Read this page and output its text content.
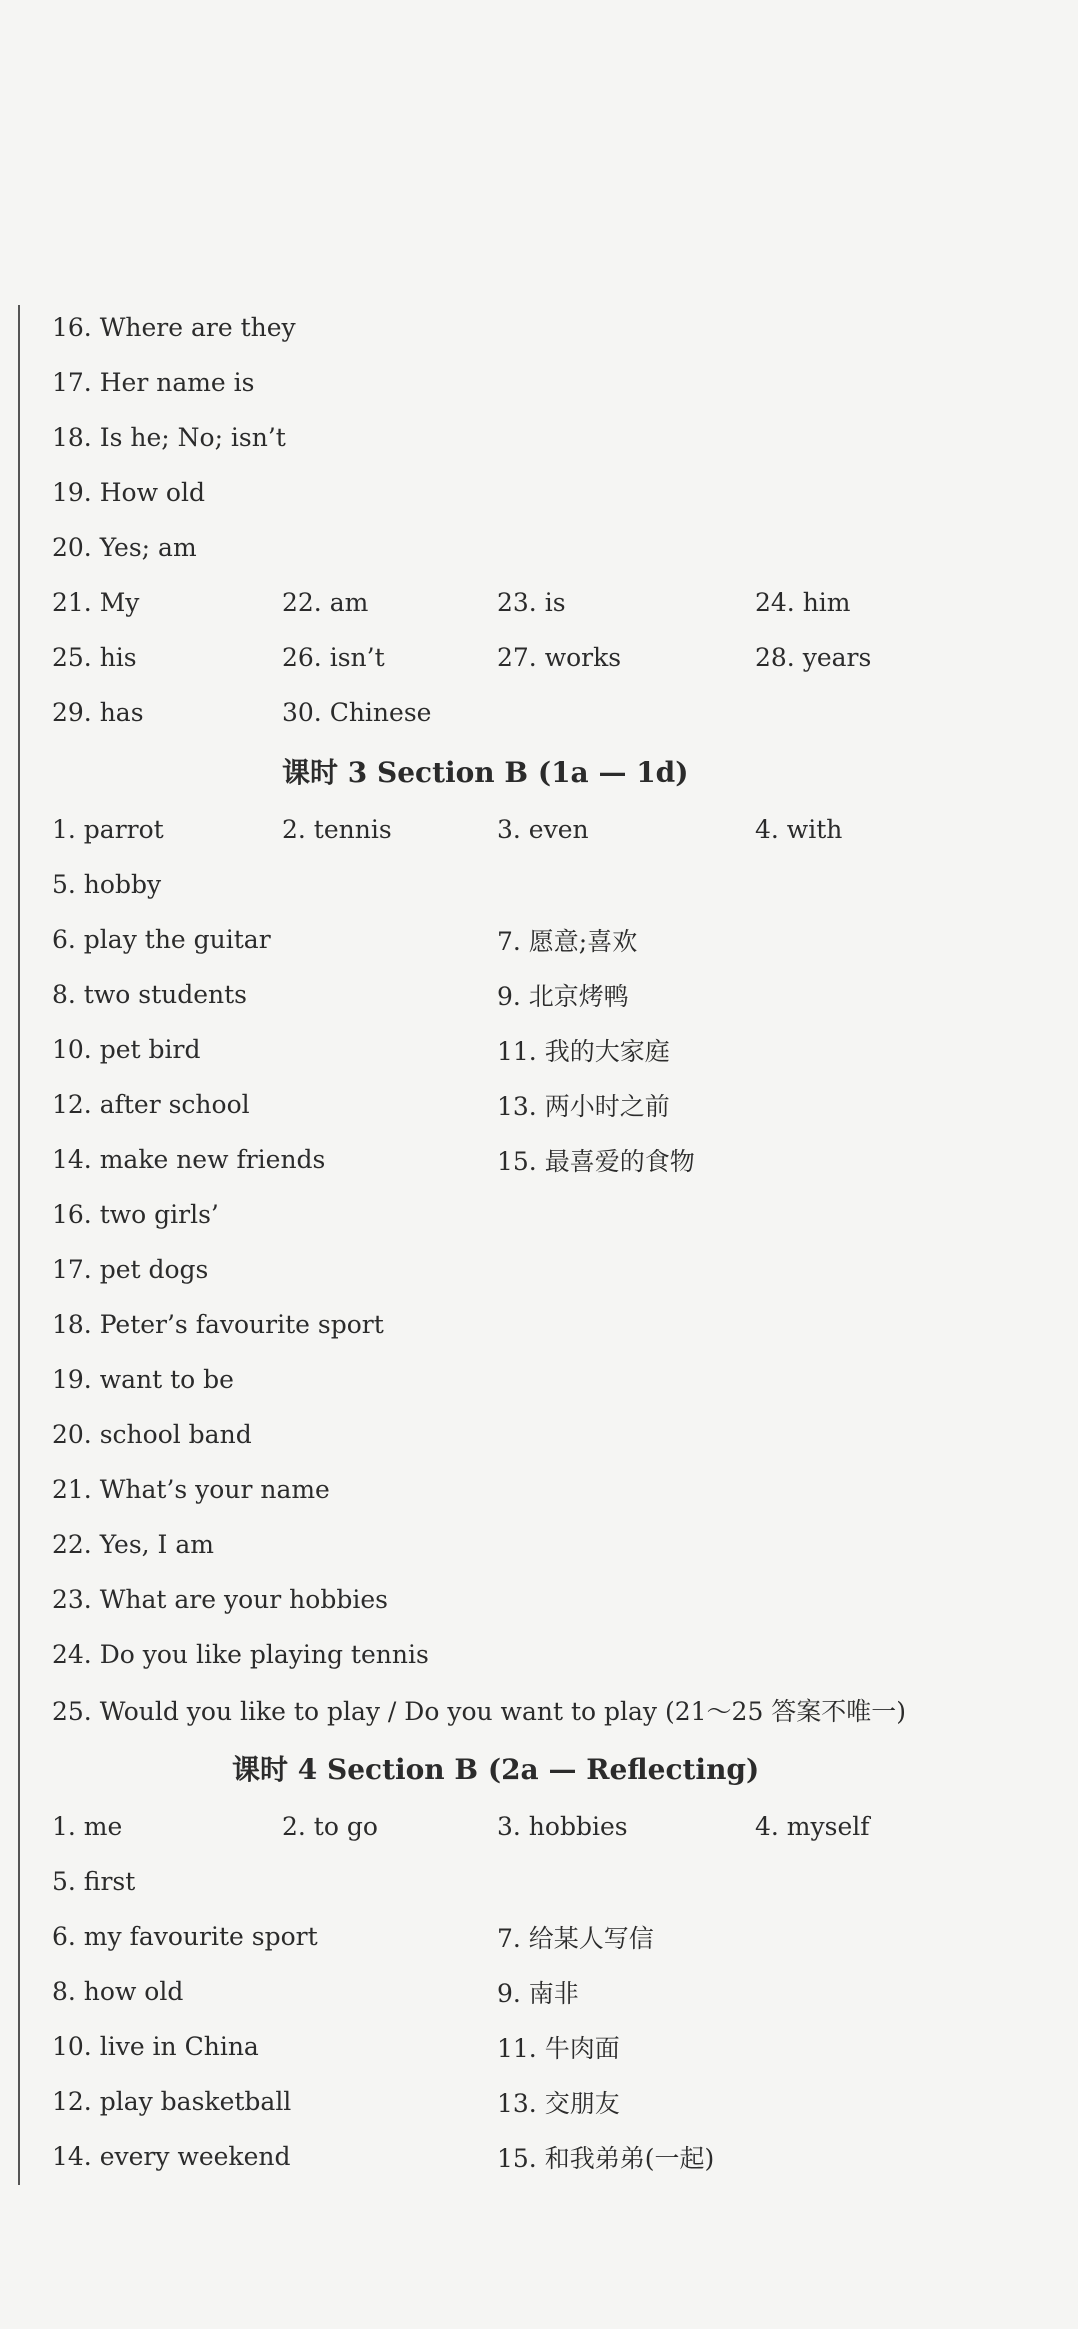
16. Where are they
17. Her name is
18. Is he; No; isn’t
19. How old
20. Yes; am
21. My	22. am	23. is	24. him
25. his	26. isn’t	27. works	28. years
29. has	30. Chinese
课时 3 Section B (1a — 1d)
1. parrot	2. tennis	3. even	4. with
5. hobby
6. play the guitar	7. 愿意;喜欢
8. two students	9. 北京烤鸭
10. pet bird	11. 我的大家庭
12. after school	13. 两小时之前
14. make new friends	15. 最喜爱的食物
16. two girls’
17. pet dogs
18. Peter’s favourite sport
19. want to be
20. school band
21. What’s your name
22. Yes, I am
23. What are your hobbies
24. Do you like playing tennis
25. Would you like to play / Do you want to play (21～25 答案不唯一)
课时 4 Section B (2a — Reflecting)
1. me	2. to go	3. hobbies	4. myself
5. first
6. my favourite sport	7. 给某人写信
8. how old	9. 南非
10. live in China	11. 牛肉面
12. play basketball	13. 交朋友
14. every weekend	15. 和我弟弟(一起)
